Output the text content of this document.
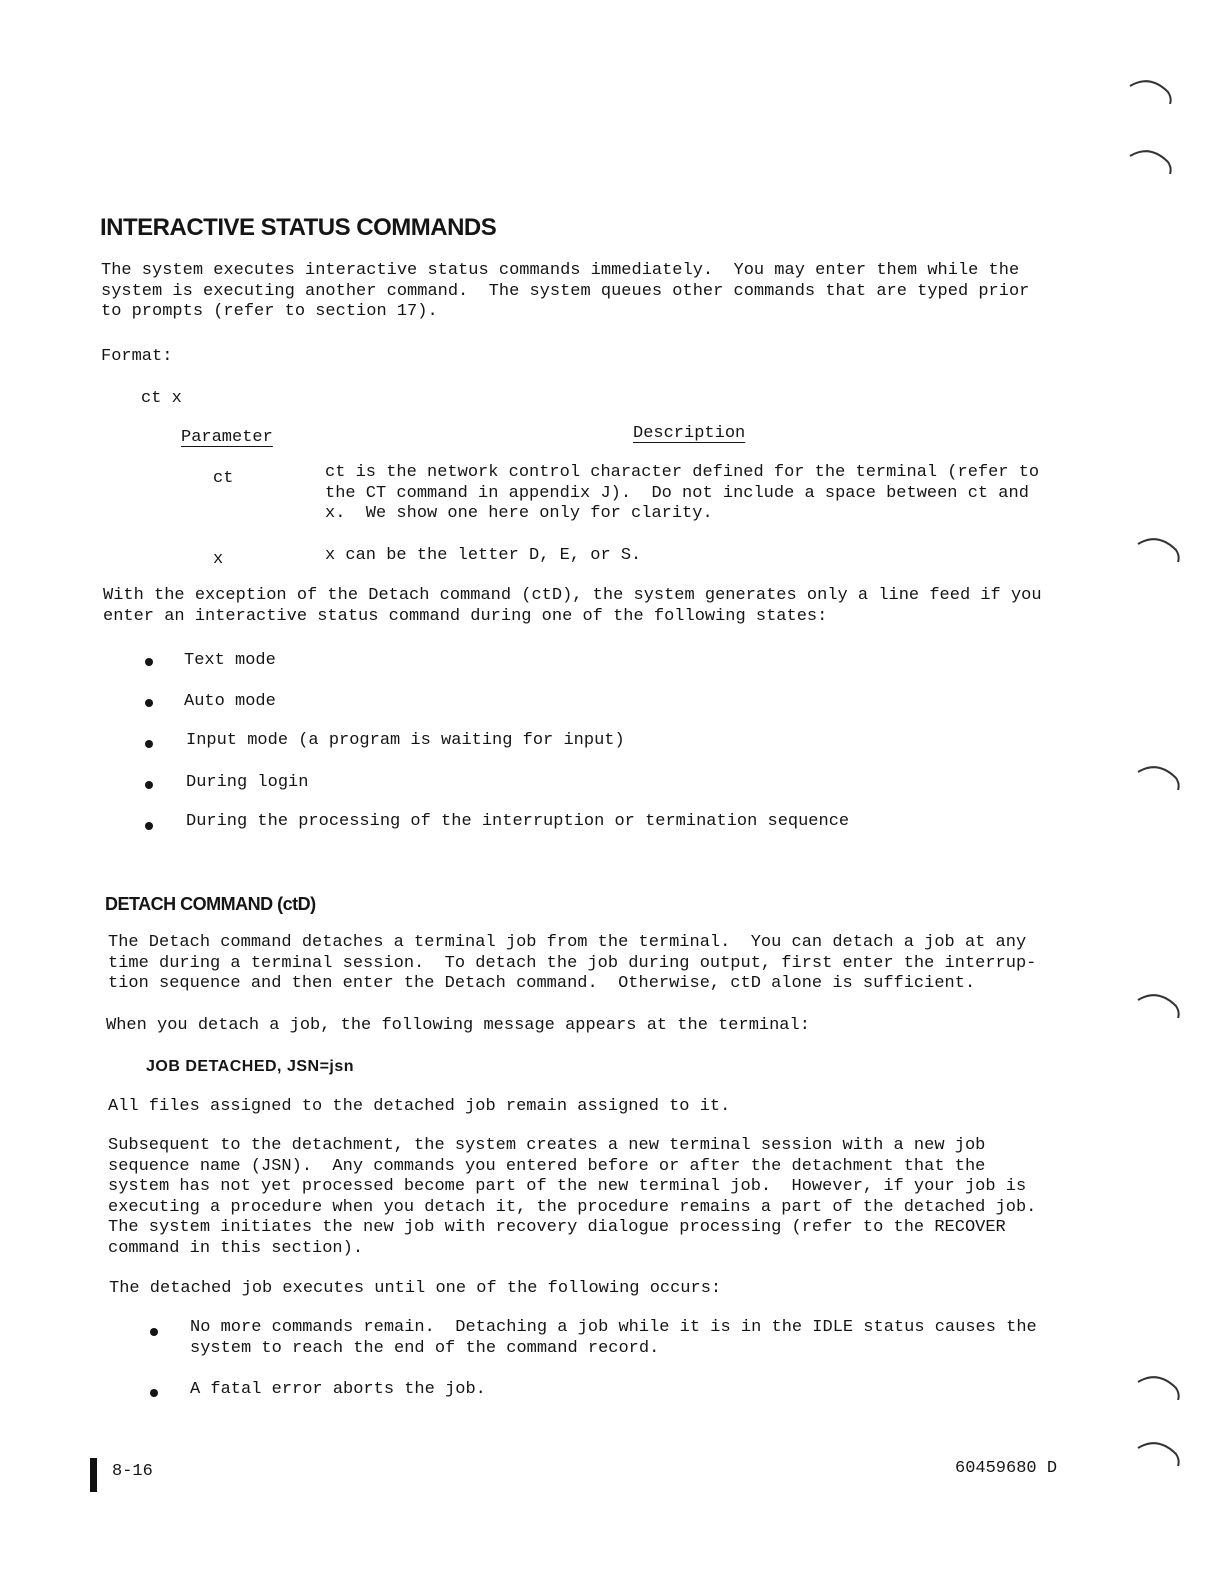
INTERACTIVE STATUS COMMANDS
The system executes interactive status commands immediately.  You may enter them while the
system is executing another command.  The system queues other commands that are typed prior
to prompts (refer to section 17).
Format:
ct x
Parameter	Description
ct	ct is the network control character defined for the terminal (refer to
the CT command in appendix J).  Do not include a space between ct and
x.  We show one here only for clarity.
x	x can be the letter D, E, or S.
With the exception of the Detach command (ctD), the system generates only a line feed if you
enter an interactive status command during one of the following states:
Text mode
Auto mode
Input mode (a program is waiting for input)
During login
During the processing of the interruption or termination sequence
DETACH COMMAND (ctD)
The Detach command detaches a terminal job from the terminal.  You can detach a job at any
time during a terminal session.  To detach the job during output, first enter the interrup-
tion sequence and then enter the Detach command.  Otherwise, ctD alone is sufficient.
When you detach a job, the following message appears at the terminal:
JOB DETACHED, JSN=jsn
All files assigned to the detached job remain assigned to it.
Subsequent to the detachment, the system creates a new terminal session with a new job
sequence name (JSN).  Any commands you entered before or after the detachment that the
system has not yet processed become part of the new terminal job.  However, if your job is
executing a procedure when you detach it, the procedure remains a part of the detached job.
The system initiates the new job with recovery dialogue processing (refer to the RECOVER
command in this section).
The detached job executes until one of the following occurs:
No more commands remain.  Detaching a job while it is in the IDLE status causes the
system to reach the end of the command record.
A fatal error aborts the job.
8-16	60459680 D
